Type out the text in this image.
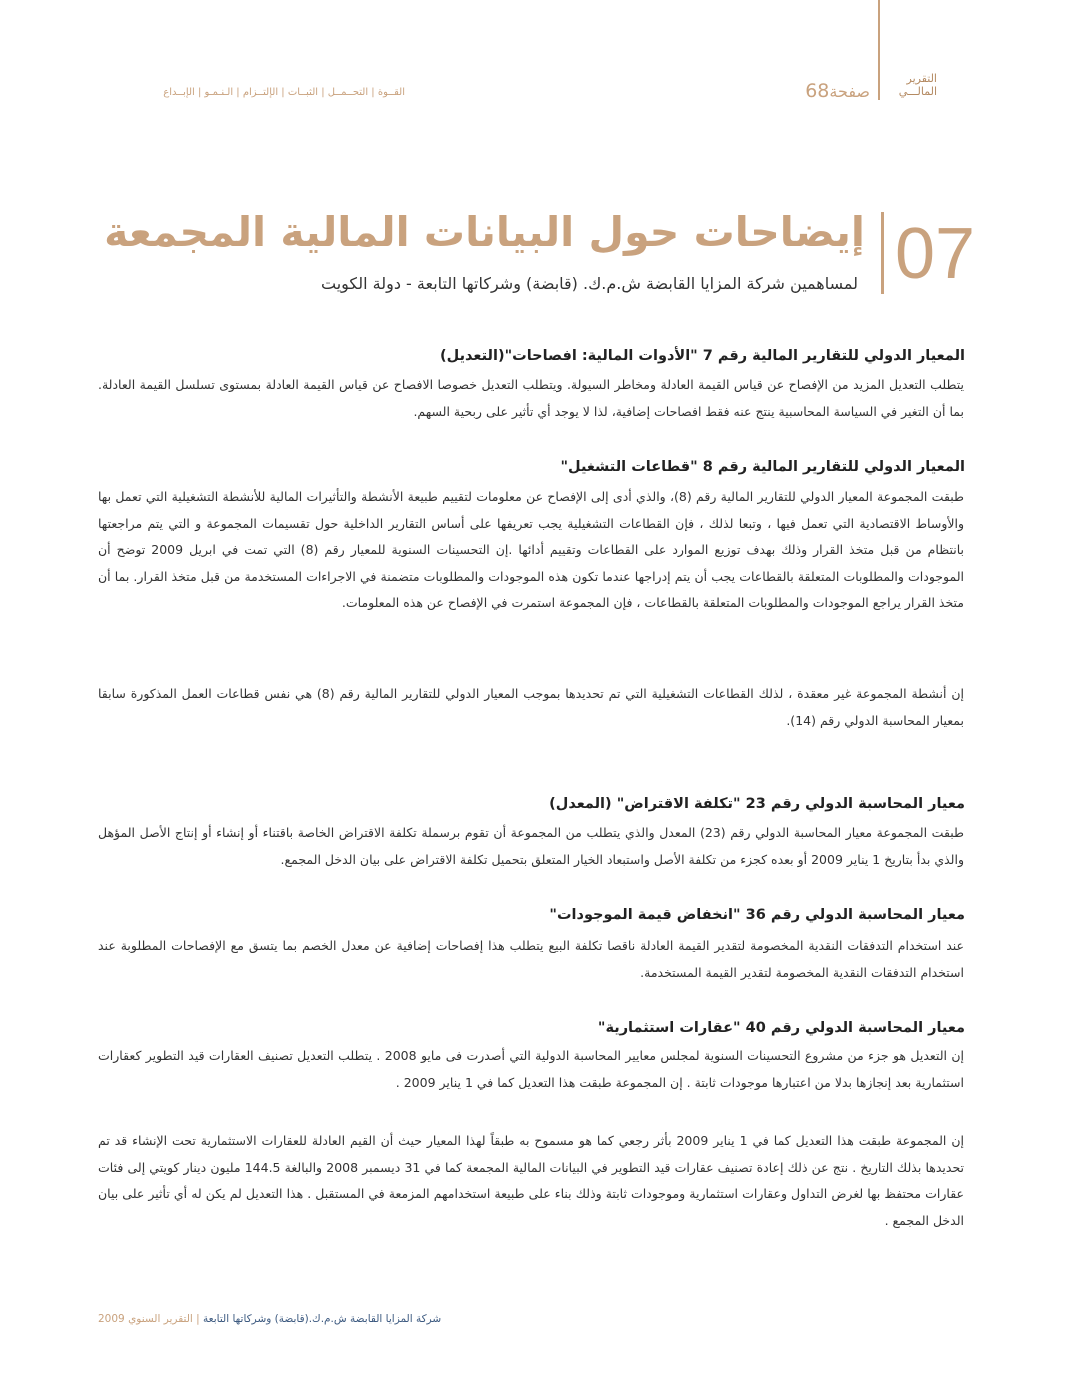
التقرير
المالـــي
صفحة68
القــوة | التحــمــل | الثبــات | الإلتــزام | الـنـمـو | الإبــداع
07
إيضاحات حول البيانات المالية المجمعة
لمساهمين شركة المزايا القابضة ش.م.ك. (قابضة) وشركاتها التابعة - دولة الكويت
المعيار الدولي للتقارير المالية رقم 7 "الأدوات المالية: افصاحات"(التعديل)
يتطلب التعديل المزيد من الإفصاح عن قياس القيمة العادلة ومخاطر السيولة. ويتطلب التعديل خصوصا الافصاح عن قياس القيمة العادلة بمستوى تسلسل القيمة العادلة. بما أن التغير في السياسة المحاسبية ينتج عنه فقط افصاحات إضافية، لذا لا يوجد أي تأثير على ربحية السهم.
المعيار الدولي للتقارير المالية رقم 8 "قطاعات التشغيل"
طبقت المجموعة المعيار الدولي للتقارير المالية رقم (8)، والذي أدى إلى الإفصاح عن معلومات لتقييم طبيعة الأنشطة والتأثيرات المالية للأنشطة التشغيلية التي تعمل بها والأوساط الاقتصادية التي تعمل فيها ، وتبعا لذلك ، فإن القطاعات التشغيلية يجب تعريفها على أساس التقارير الداخلية حول تقسيمات المجموعة و التي يتم مراجعتها بانتظام من قبل متخذ القرار وذلك بهدف توزيع الموارد على القطاعات وتقييم أدائها .إن التحسينات السنوية للمعيار رقم (8) التي تمت في ابريل 2009 توضح أن الموجودات والمطلوبات المتعلقة بالقطاعات يجب أن يتم إدراجها عندما تكون هذه الموجودات والمطلوبات متضمنة في الاجراءات المستخدمة من قبل متخذ القرار. بما أن متخذ القرار يراجع الموجودات والمطلوبات المتعلقة بالقطاعات ، فإن المجموعة استمرت في الإفصاح عن هذه المعلومات.
إن أنشطة المجموعة غير معقدة ، لذلك القطاعات التشغيلية التي تم تحديدها بموجب المعيار الدولي للتقارير المالية رقم (8) هي نفس قطاعات العمل المذكورة سابقا بمعيار المحاسبة الدولي رقم (14).
معيار المحاسبة الدولي رقم 23 "تكلفة الاقتراض" (المعدل)
طبقت المجموعة معيار المحاسبة الدولي رقم (23) المعدل والذي يتطلب من المجموعة أن تقوم برسملة تكلفة الاقتراض الخاصة باقتناء أو إنشاء أو إنتاج الأصل المؤهل والذي بدأ بتاريخ 1 يناير 2009 أو بعده كجزء من تكلفة الأصل واستبعاد الخيار المتعلق بتحميل تكلفة الاقتراض على بيان الدخل المجمع.
معيار المحاسبة الدولي رقم 36 "انخفاض قيمة الموجودات"
عند استخدام التدفقات النقدية المخصومة لتقدير القيمة العادلة ناقصا تكلفة البيع يتطلب هذا إفصاحات إضافية عن معدل الخصم بما يتسق مع الإفصاحات المطلوبة عند استخدام التدفقات النقدية المخصومة لتقدير القيمة المستخدمة.
معيار المحاسبة الدولي رقم 40 "عقارات استثمارية"
إن التعديل هو جزء من مشروع التحسينات السنوية لمجلس معايير المحاسبة الدولية التي أصدرت فى مايو 2008 . يتطلب التعديل تصنيف العقارات قيد التطوير كعقارات استثمارية بعد إنجازها بدلا من اعتبارها موجودات ثابتة . إن المجموعة طبقت هذا التعديل كما في 1 يناير 2009 .
إن المجموعة طبقت هذا التعديل كما في 1 يناير 2009 بأثر رجعي كما هو مسموح به طبقاً لهذا المعيار حيث أن القيم العادلة للعقارات الاستثمارية تحت الإنشاء قد تم تحديدها بذلك التاريخ . نتج عن ذلك إعادة تصنيف عقارات قيد التطوير في البيانات المالية المجمعة كما في 31 ديسمبر 2008 والبالغة 144.5 مليون دينار كويتي إلى فئات عقارات محتفظ بها لغرض التداول وعقارات استثمارية وموجودات ثابتة وذلك بناء على طبيعة استخدامهم المزمعة في المستقبل . هذا التعديل لم يكن له أي تأثير على بيان الدخل المجمع .
شركة المزايا القابضة ش.م.ك.(قابضة) وشركاتها التابعة | التقرير السنوي 2009
